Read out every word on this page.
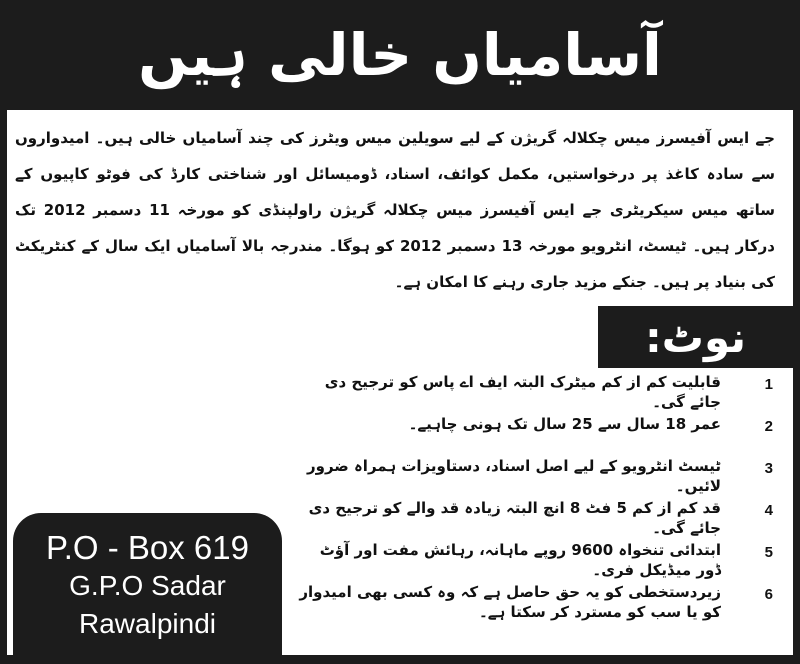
آسامیاں خالی ہیں
جے ایس آفیسرز میس چکلالہ گریژن کے لیے سویلین میس ویٹرز کی چند آسامیاں خالی ہیں۔ امیدواروں سے سادہ کاغذ پر درخواستیں، مکمل کوائف، اسناد، ڈومیسائل اور شناختی کارڈ کی فوٹو کاپیوں کے ساتھ میس سیکریٹری جے ایس آفیسرز میس چکلالہ گریژن راولپنڈی کو مورخہ 11 دسمبر 2012 تک درکار ہیں۔ ٹیسٹ، انٹرویو مورخہ 13 دسمبر 2012 کو ہوگا۔ مندرجہ بالا آسامیاں ایک سال کے کنٹریکٹ کی بنیاد پر ہیں۔ جنکے مزید جاری رہنے کا امکان ہے۔
نوٹ:
1
قابلیت کم از کم میٹرک البتہ ایف اے پاس کو ترجیح دی جائے گی۔
2
عمر 18 سال سے 25 سال تک ہونی چاہیے۔
3
ٹیسٹ انٹرویو کے لیے اصل اسناد، دستاویزات ہمراہ ضرور لائیں۔
4
قد کم از کم 5 فٹ 8 انچ البتہ زیادہ قد والے کو ترجیح دی جائے گی۔
5
ابتدائی تنخواہ 9600 روپے ماہانہ، رہائش مفت اور آؤٹ ڈور میڈیکل فری۔
6
زیردستخطی کو یہ حق حاصل ہے کہ وہ کسی بھی امیدوار کو یا سب کو مسترد کر سکتا ہے۔
P.O - Box 619
G.P.O Sadar
Rawalpindi
